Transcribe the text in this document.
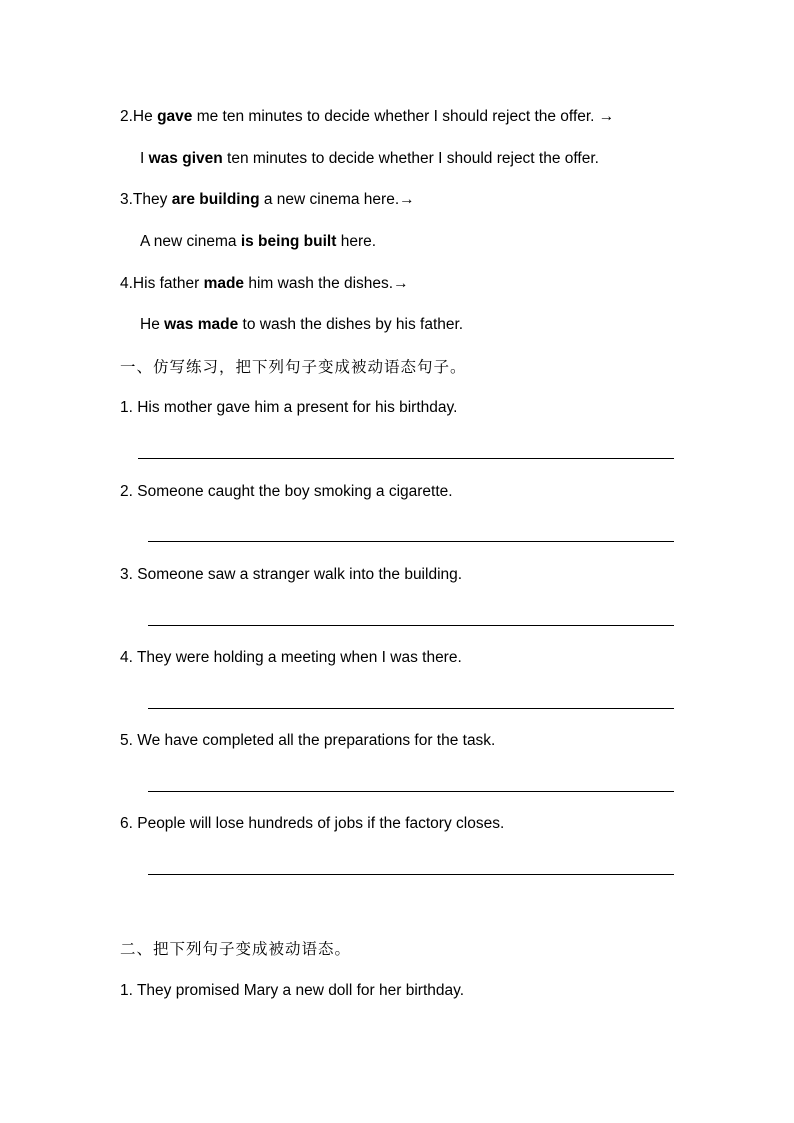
2.He gave me ten minutes to decide whether I should reject the offer. →
I was given ten minutes to decide whether I should reject the offer.
3.They are building a new cinema here.→
A new cinema is being built here.
4.His father made him wash the dishes.→
He was made to wash the dishes by his father.
一、仿写练习，把下列句子变成被动语态句子。
1. His mother gave him a present for his birthday.
2. Someone caught the boy smoking a cigarette.
3. Someone saw a stranger walk into the building.
4. They were holding a meeting when I was there.
5. We have completed all the preparations for the task.
6. People will lose hundreds of jobs if the factory closes.
二、把下列句子变成被动语态。
1. They promised Mary a new doll for her birthday.
